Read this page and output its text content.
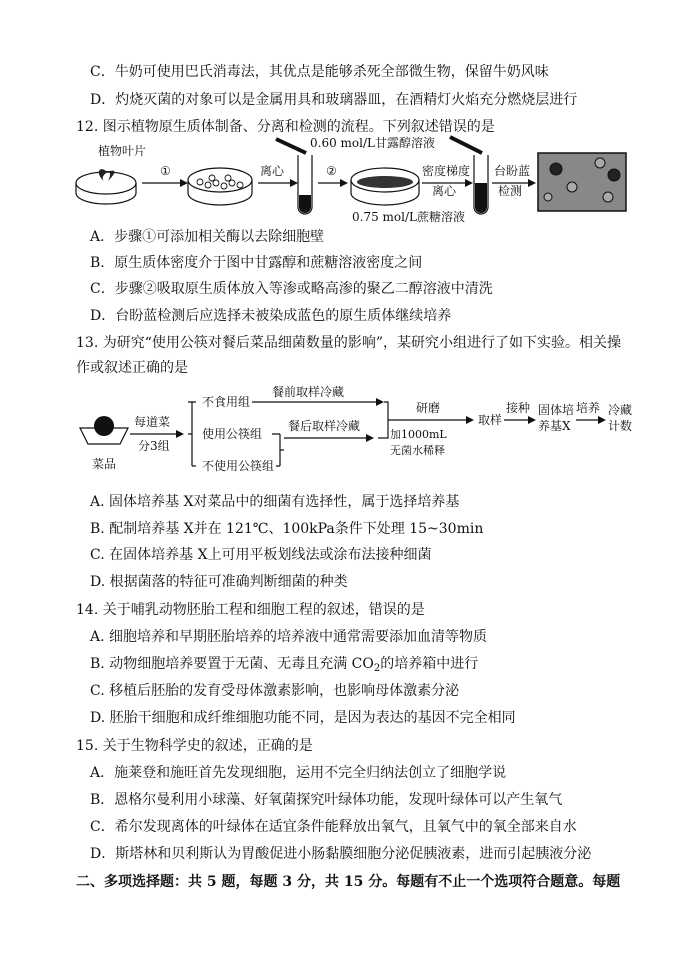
C．牛奶可使用巴氏消毒法，其优点是能够杀死全部微生物，保留牛奶风味
D．灼烧灭菌的对象可以是金属用具和玻璃器皿，在酒精灯火焰充分燃烧层进行
12. 图示植物原生质体制备、分离和检测的流程。下列叙述错误的是
植物叶片
①	离心
0.60 mol/L甘露醇溶液
②	密度梯度
离心
0.75 mol/L蔗糖溶液
台盼蓝
检测
A．步骤①可添加相关酶以去除细胞壁
B．原生质体密度介于图中甘露醇和蔗糖溶液密度之间
C．步骤②吸取原生质体放入等渗或略高渗的聚乙二醇溶液中清洗
D．台盼蓝检测后应选择未被染成蓝色的原生质体继续培养
13. 为研究“使用公筷对餐后菜品细菌数量的影响”，某研究小组进行了如下实验。相关操
作或叙述正确的是
菜品
每道菜
分3组
不食用组
使用公筷组
不使用公筷组
餐前取样冷藏
餐后取样冷藏
研磨
加1000mL
无菌水稀释
取样
接种 固体培
养基X
培养 冷藏
计数
A. 固体培养基 X对菜品中的细菌有选择性，属于选择培养基
B. 配制培养基 X并在 121℃、100kPa条件下处理 15~30min
C. 在固体培养基 X上可用平板划线法或涂布法接种细菌
D. 根据菌落的特征可准确判断细菌的种类
14. 关于哺乳动物胚胎工程和细胞工程的叙述，错误的是
A. 细胞培养和早期胚胎培养的培养液中通常需要添加血清等物质
B. 动物细胞培养要置于无菌、无毒且充满 $CO_2$的培养箱中进行
C. 移植后胚胎的发育受母体激素影响，也影响母体激素分泌
D. 胚胎干细胞和成纤维细胞功能不同，是因为表达的基因不完全相同
15. 关于生物科学史的叙述，正确的是
A．施莱登和施旺首先发现细胞，运用不完全归纳法创立了细胞学说
B．恩格尔曼利用小球藻、好氧菌探究叶绿体功能，发现叶绿体可以产生氧气
C．希尔发现离体的叶绿体在适宜条件能释放出氧气，且氧气中的氧全部来自水
D．斯塔林和贝利斯认为胃酸促进小肠黏膜细胞分泌促胰液素，进而引起胰液分泌
二、多项选择题：共 5 题，每题 3 分，共 15 分。每题有不止一个选项符合题意。每题
